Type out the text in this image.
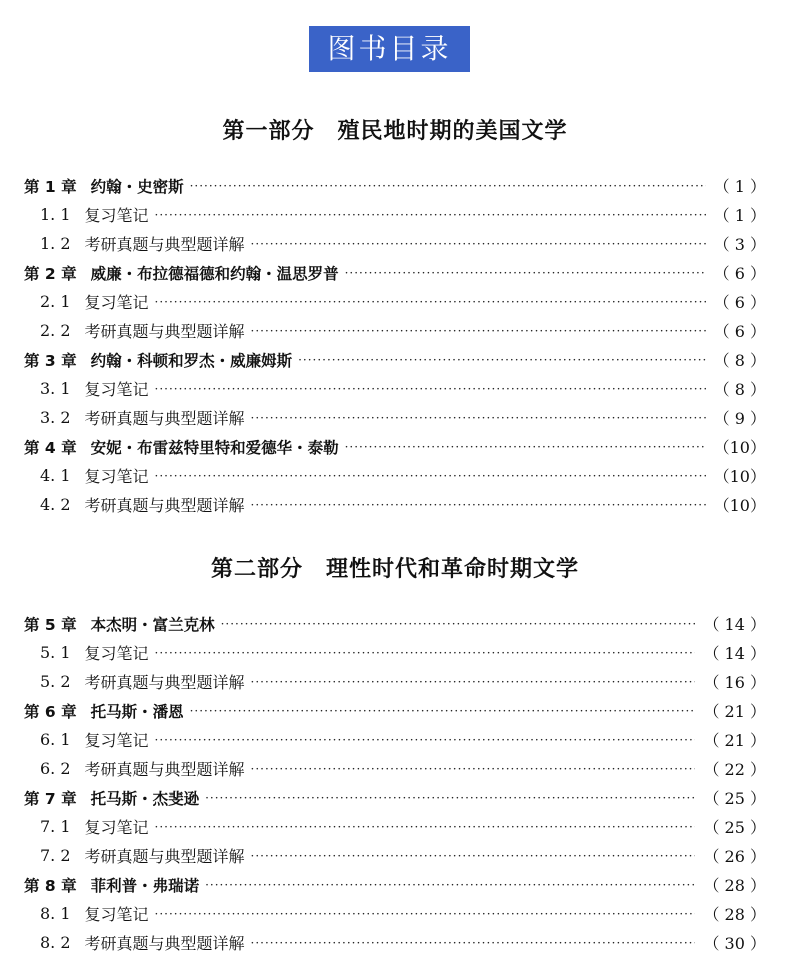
图书目录
第一部分　殖民地时期的美国文学
第 1 章 约翰・史密斯 ·····	（ 1 ）
1. 1 复习笔记 ·····	（ 1 ）
1. 2 考研真题与典型题详解 ·····	（ 3 ）
第 2 章 威廉・布拉德福德和约翰・温思罗普 ·····	（ 6 ）
2. 1 复习笔记 ·····	（ 6 ）
2. 2 考研真题与典型题详解 ·····	（ 6 ）
第 3 章 约翰・科顿和罗杰・威廉姆斯 ·····	（ 8 ）
3. 1 复习笔记 ·····	（ 8 ）
3. 2 考研真题与典型题详解 ·····	（ 9 ）
第 4 章 安妮・布雷兹特里特和爱德华・泰勒 ·····	（10）
4. 1 复习笔记 ·····	（10）
4. 2 考研真题与典型题详解 ·····	（10）
第二部分　理性时代和革命时期文学
第 5 章 本杰明・富兰克林 ·····	（ 14 ）
5. 1 复习笔记 ·····	（ 14 ）
5. 2 考研真题与典型题详解 ·····	（ 16 ）
第 6 章 托马斯・潘恩 ·····	（ 21 ）
6. 1 复习笔记 ·····	（ 21 ）
6. 2 考研真题与典型题详解 ·····	（ 22 ）
第 7 章 托马斯・杰斐逊 ·····	（ 25 ）
7. 1 复习笔记 ·····	（ 25 ）
7. 2 考研真题与典型题详解 ·····	（ 26 ）
第 8 章 菲利普・弗瑞诺 ·····	（ 28 ）
8. 1 复习笔记 ·····	（ 28 ）
8. 2 考研真题与典型题详解 ·····	（ 30 ）
